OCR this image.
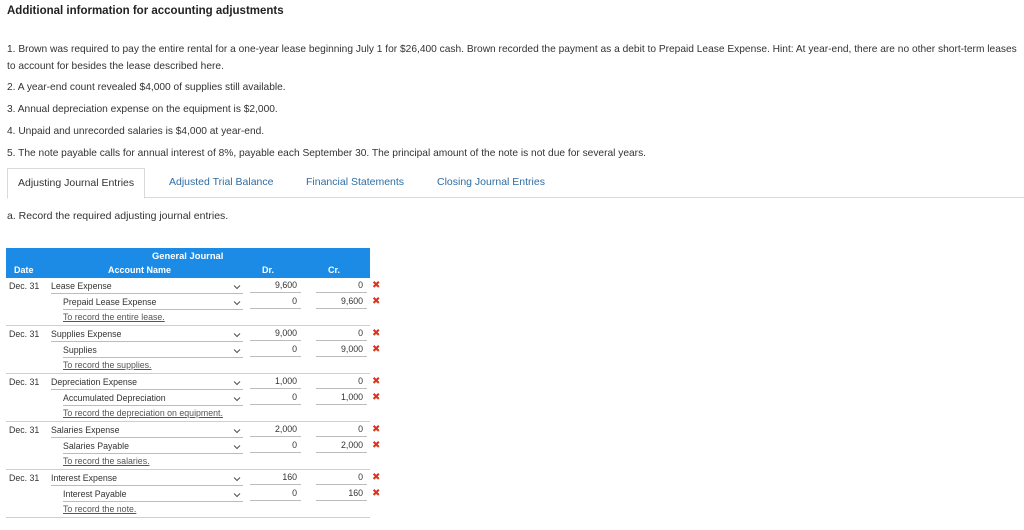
Additional information for accounting adjustments
1. Brown was required to pay the entire rental for a one-year lease beginning July 1 for $26,400 cash. Brown recorded the payment as a debit to Prepaid Lease Expense. Hint: At year-end, there are no other short-term leases to account for besides the lease described here.
2. A year-end count revealed $4,000 of supplies still available.
3. Annual depreciation expense on the equipment is $2,000.
4. Unpaid and unrecorded salaries is $4,000 at year-end.
5. The note payable calls for annual interest of 8%, payable each September 30. The principal amount of the note is not due for several years.
Adjusting Journal Entries	Adjusted Trial Balance	Financial Statements	Closing Journal Entries
a. Record the required adjusting journal entries.
General Journal
Date	Account Name	Dr.	Cr.
Dec. 31 Lease Expense	9,600	0 ✖
Prepaid Lease Expense	0	9,600 ✖
To record the entire lease.
Dec. 31 Supplies Expense	9,000	0 ✖
Supplies	0	9,000 ✖
To record the supplies.
Dec. 31 Depreciation Expense	1,000	0 ✖
Accumulated Depreciation	0	1,000 ✖
To record the depreciation on equipment.
Dec. 31 Salaries Expense	2,000	0 ✖
Salaries Payable	0	2,000 ✖
To record the salaries.
Dec. 31 Interest Expense	160	0 ✖
Interest Payable	0	160 ✖
To record the note.
